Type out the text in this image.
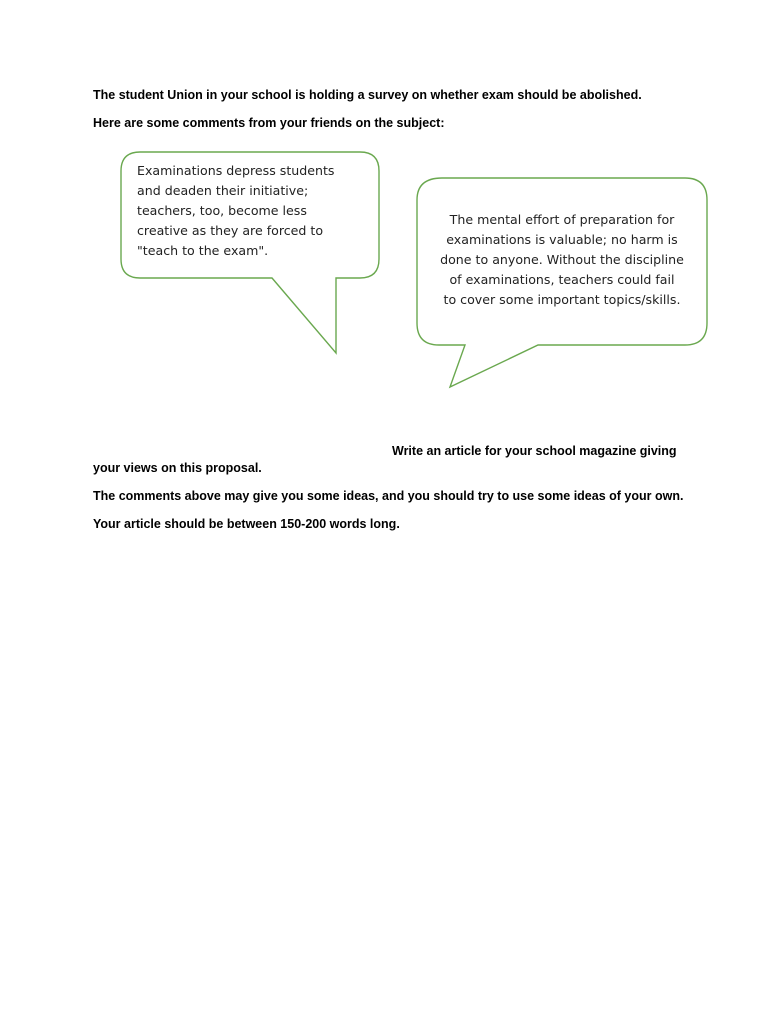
The student Union in your school is holding a survey on whether exam should be abolished.

Here are some comments from your friends on the subject:

Examinations depress students
and deaden their initiative;
teachers, too, become less
creative as they are forced to
"teach to the exam".
The mental effort of preparation for
examinations is valuable; no harm is
done to anyone. Without the discipline
of examinations, teachers could fail
to cover some important topics/skills.

Write an article for your school magazine giving

your views on this proposal.

The comments above may give you some ideas, and you should try to use some ideas of your own.

Your article should be between 150-200 words long.
